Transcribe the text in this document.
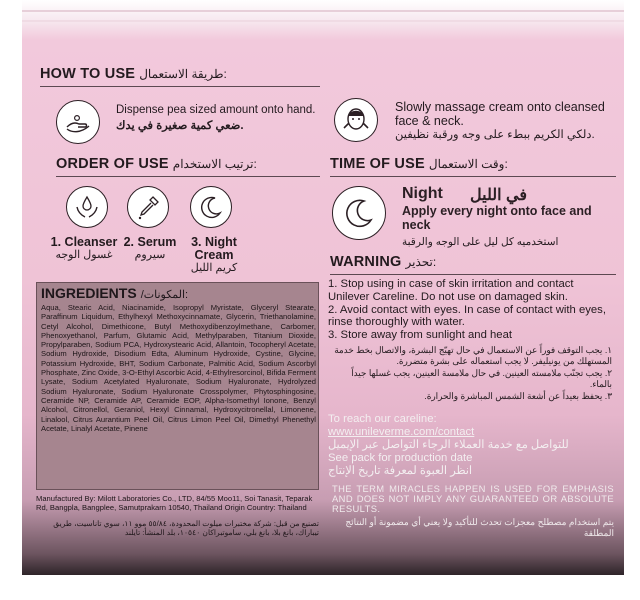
HOW TO USE طريقة الاستعمال:
Dispense pea sized amount onto hand.
ضعي كمية صغيرة في يدك.
Slowly massage cream onto cleansed face & neck.
دلكي الكريم ببطء على وجه ورقبة نظيفين.
ORDER OF USE ترتيب الاستخدام:
1. Cleanser
غسول الوجه
2. Serum
سيروم
3. Night Cream
كريم الليل
TIME OF USE وقت الاستعمال:
Night في الليل
Apply every night onto face and neck
استخدميه كل ليل على الوجه والرقبة
INGREDIENTS /المكونات:
Aqua, Stearic Acid, Niacinamide, Isopropyl Myristate, Glyceryl Stearate, Paraffinum Liquidum, Ethylhexyl Methoxycinnamate, Glycerin, Triethanolamine, Cetyl Alcohol, Dimethicone, Butyl Methoxydibenzoylmethane, Carbomer, Phenoxyethanol, Parfum, Glutamic Acid, Methylparaben, Titanium Dioxide, Propylparaben, Sodium PCA, Hydroxystearic Acid, Allantoin, Tocopheryl Acetate, Sodium Hydroxide, Disodium Edta, Aluminum Hydroxide, Cystine, Glycine, Potassium Hydroxide, BHT, Sodium Carbonate, Palmitic Acid, Sodium Ascorbyl Phosphate, Zinc Oxide, 3-O-Ethyl Ascorbic Acid, 4-Ethylresorcinol, Bifida Ferment Lysate, Sodium Acetylated Hyaluronate, Sodium Hyaluronate, Hydrolyzed Sodium Hyaluronate, Sodium Hyaluronate Crosspolymer, Phytosphingosine, Ceramide NP, Ceramide AP, Ceramide EOP, Alpha-Isomethyl Ionone, Benzyl Alcohol, Citronellol, Geraniol, Hexyl Cinnamal, Hydroxycitronellal, Limonene, Linalool, Citrus Aurantium Peel Oil, Citrus Limon Peel Oil, Dimethyl Phenethyl Acetate, Linalyl Acetate, Pinene
Manufactured By: Milott Laboratories Co., LTD, 84/55 Moo11, Soi Tanasit, Teparak Rd, Bangpla, Bangplee, Samutprakarn 10540, Thailand Origin Country: Thailand
تصنيع من قبل: شركة مختبرات ميلوت المحدودة، ٥٥/٨٤ موو ١١، سوي تاناسيت، طريق تيباراك، بانغ بلا، بانغ بلي، ساموتبراكان ١٠٥٤٠، بلد المنشأ: تايلند
WARNING تحذير:
1. Stop using in case of skin irritation and contact Unilever Careline. Do not use on damaged skin.
2. Avoid contact with eyes. In case of contact with eyes, rinse thoroughly with water.
3. Store away from sunlight and heat
١. يجب التوقف فوراً عن الاستعمال في حال تهيّج البشرة، والاتصال بخط خدمة المستهلك من يونيليفر. لا يجب استعماله على بشرة متضررة.
٢. يجب تجنّب ملامسته العينين. في حال ملامسة العينين، يجب غسلها جيداً بالماء.
٣. يحفظ بعيداً عن أشعة الشمس المباشرة والحرارة.
To reach our careline:
www.unileverme.com/contact
للتواصل مع خدمة العملاء الرجاء التواصل عبر الإيميل
See pack for production date
انظر العبوة لمعرفة تاريخ الإنتاج
THE TERM MIRACLES HAPPEN IS USED FOR EMPHASIS AND DOES NOT IMPLY ANY GUARANTEED OR ABSOLUTE RESULTS.
يتم استخدام مصطلح معجزات تحدث للتأكيد ولا يعني أي مضمونة أو النتائج المطلقة
